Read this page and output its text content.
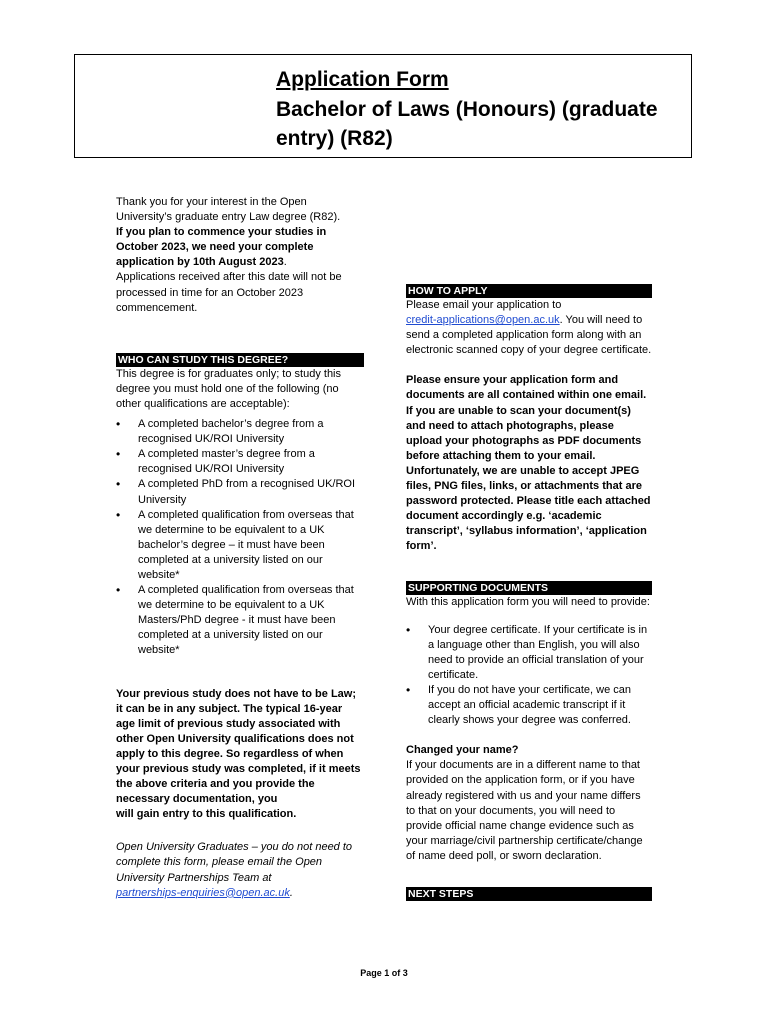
Application Form
Bachelor of Laws (Honours) (graduate entry) (R82)

Thank you for your interest in the Open University’s graduate entry Law degree (R82).
If you plan to commence your studies in October 2023, we need your complete application by 10th August 2023.
Applications received after this date will not be processed in time for an October 2023 commencement.

WHO CAN STUDY THIS DEGREE?

This degree is for graduates only; to study this degree you must hold one of the following (no other qualifications are acceptable):

• A completed bachelor’s degree from a recognised UK/ROI University
• A completed master’s degree from a recognised UK/ROI University
• A completed PhD from a recognised UK/ROI University
• A completed qualification from overseas that we determine to be equivalent to a UK bachelor’s degree – it must have been completed at a university listed on our website*
• A completed qualification from overseas that we determine to be equivalent to a UK Masters/PhD degree - it must have been completed at a university listed on our website*

Your previous study does not have to be Law; it can be in any subject. The typical 16-year age limit of previous study associated with other Open University qualifications does not apply to this degree. So regardless of when your previous study was completed, if it meets the above criteria and you provide the necessary documentation, you
will gain entry to this qualification.

Open University Graduates – you do not need to complete this form, please email the Open University Partnerships Team at
partnerships-enquiries@open.ac.uk.

HOW TO APPLY

Please email your application to
credit-applications@open.ac.uk. You will need to send a completed application form along with an electronic scanned copy of your degree certificate.

Please ensure your application form and documents are all contained within one email. If you are unable to scan your document(s) and need to attach photographs, please upload your photographs as PDF documents before attaching them to your email. Unfortunately, we are unable to accept JPEG files, PNG files, links, or attachments that are password protected. Please title each attached document accordingly e.g. ‘academic transcript’, ‘syllabus information’, ‘application form’.

SUPPORTING DOCUMENTS

With this application form you will need to provide:

• Your degree certificate. If your certificate is in a language other than English, you will also need to provide an official translation of your certificate.
• If you do not have your certificate, we can accept an official academic transcript if it clearly shows your degree was conferred.

Changed your name?

If your documents are in a different name to that provided on the application form, or if you have already registered with us and your name differs to that on your documents, you will need to provide official name change evidence such as your marriage/civil partnership certificate/change of name deed poll, or sworn declaration.

NEXT STEPS
Page 1 of 3
